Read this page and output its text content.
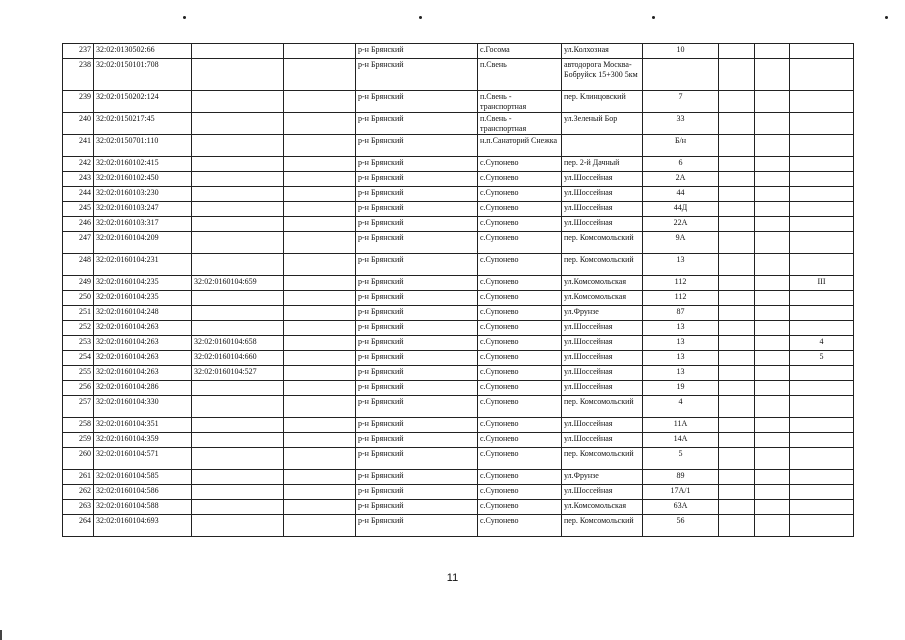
237	32:02:0130502:66			р-н Брянский	с.Госома	ул.Колхозная	10			
238	32:02:0150101:708			р-н Брянский	п.Свень	автодорога Москва-Бобруйск 15+300 5км				
239	32:02:0150202:124			р-н Брянский	п.Свень - транспортная	пер. Клинцовский	7			
240	32:02:0150217:45			р-н Брянский	п.Свень - транспортная	ул.Зеленый Бор	33			
241	32:02:0150701:110			р-н Брянский	н.п.Санаторий Снежка		Б/н			
242	32:02:0160102:415			р-н Брянский	с.Супонево	пер. 2-й Дачный	6			
243	32:02:0160102:450			р-н Брянский	с.Супонево	ул.Шоссейная	2А			
244	32:02:0160103:230			р-н Брянский	с.Супонево	ул.Шоссейная	44			
245	32:02:0160103:247			р-н Брянский	с.Супонево	ул.Шоссейная	44Д			
246	32:02:0160103:317			р-н Брянский	с.Супонево	ул.Шоссейная	22А			
247	32:02:0160104:209			р-н Брянский	с.Супонево	пер. Комсомольский	9А			
248	32:02:0160104:231			р-н Брянский	с.Супонево	пер. Комсомольский	13			
249	32:02:0160104:235	32:02:0160104:659		р-н Брянский	с.Супонево	ул.Комсомольская	112			III
250	32:02:0160104:235			р-н Брянский	с.Супонево	ул.Комсомольская	112			
251	32:02:0160104:248			р-н Брянский	с.Супонево	ул.Фрунзе	87			
252	32:02:0160104:263			р-н Брянский	с.Супонево	ул.Шоссейная	13			
253	32:02:0160104:263	32:02:0160104:658		р-н Брянский	с.Супонево	ул.Шоссейная	13			4
254	32:02:0160104:263	32:02:0160104:660		р-н Брянский	с.Супонево	ул.Шоссейная	13			5
255	32:02:0160104:263	32:02:0160104:527		р-н Брянский	с.Супонево	ул.Шоссейная	13			
256	32:02:0160104:286			р-н Брянский	с.Супонево	ул.Шоссейная	19			
257	32:02:0160104:330			р-н Брянский	с.Супонево	пер. Комсомольский	4			
258	32:02:0160104:351			р-н Брянский	с.Супонево	ул.Шоссейная	11А			
259	32:02:0160104:359			р-н Брянский	с.Супонево	ул.Шоссейная	14А			
260	32:02:0160104:571			р-н Брянский	с.Супонево	пер. Комсомольский	5			
261	32:02:0160104:585			р-н Брянский	с.Супонево	ул.Фрунзе	89			
262	32:02:0160104:586			р-н Брянский	с.Супонево	ул.Шоссейная	17А/1			
263	32:02:0160104:588			р-н Брянский	с.Супонево	ул.Комсомольская	63А			
264	32:02:0160104:693			р-н Брянский	с.Супонево	пер. Комсомольский	56			
11
